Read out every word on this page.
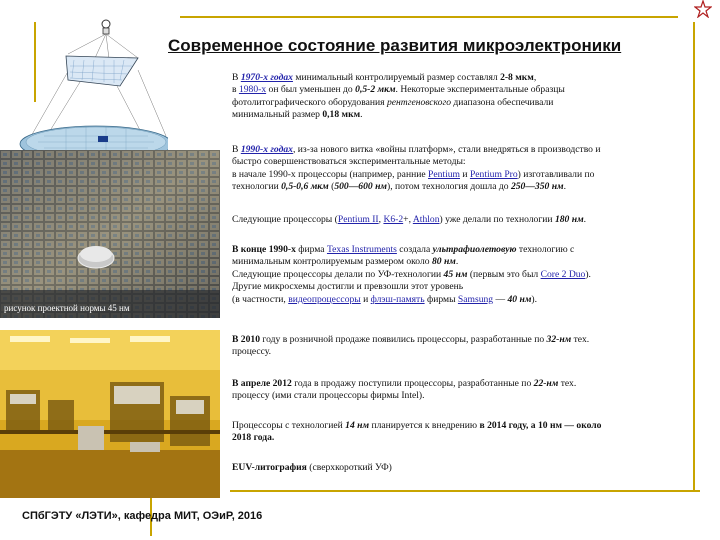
рисунок проектной нормы 45 нм
Современное состояние развития микроэлектроники
В 1970-х годах минимальный контролируемый размер составлял 2-8 мкм,
в 1980-х он был уменьшен до 0,5-2 мкм. Некоторые экспериментальные образцы
фотолитографического оборудования рентгеновского диапазона обеспечивали
минимальный размер 0,18 мкм.
В 1990-х годах, из-за нового витка «войны платформ», стали внедряться в производство и
быстро совершенствоваться экспериментальные методы:
в начале 1990-х процессоры (например, ранние Pentium и Pentium Pro) изготавливали по
технологии 0,5-0,6 мкм (500—600 нм), потом технология дошла до 250—350 нм.
Следующие процессоры (Pentium II, K6-2+, Athlon) уже делали по технологии 180 нм.
В конце 1990-х фирма Texas Instruments создала ультрафиолетовую технологию с
минимальным контролируемым размером около 80 нм.
Следующие процессоры делали по УФ-технологии 45 нм (первым это был Core 2 Duo).
Другие микросхемы достигли и превзошли этот уровень
(в частности, видеопроцессоры и флэш-память фирмы Samsung — 40 нм).
В 2010 году в розничной продаже появились процессоры, разработанные по 32-нм тех.
процессу.
В апреле 2012 года в продажу поступили процессоры, разработанные по 22-нм тех.
процессу (ими стали процессоры фирмы Intel).
Процессоры с технологией 14 нм планируется к внедрению в 2014 году, а 10 нм — около
2018 года.
EUV-литография (сверхкороткий УФ)
СПбГЭТУ «ЛЭТИ», кафедра МИТ, ОЭиР, 2016
